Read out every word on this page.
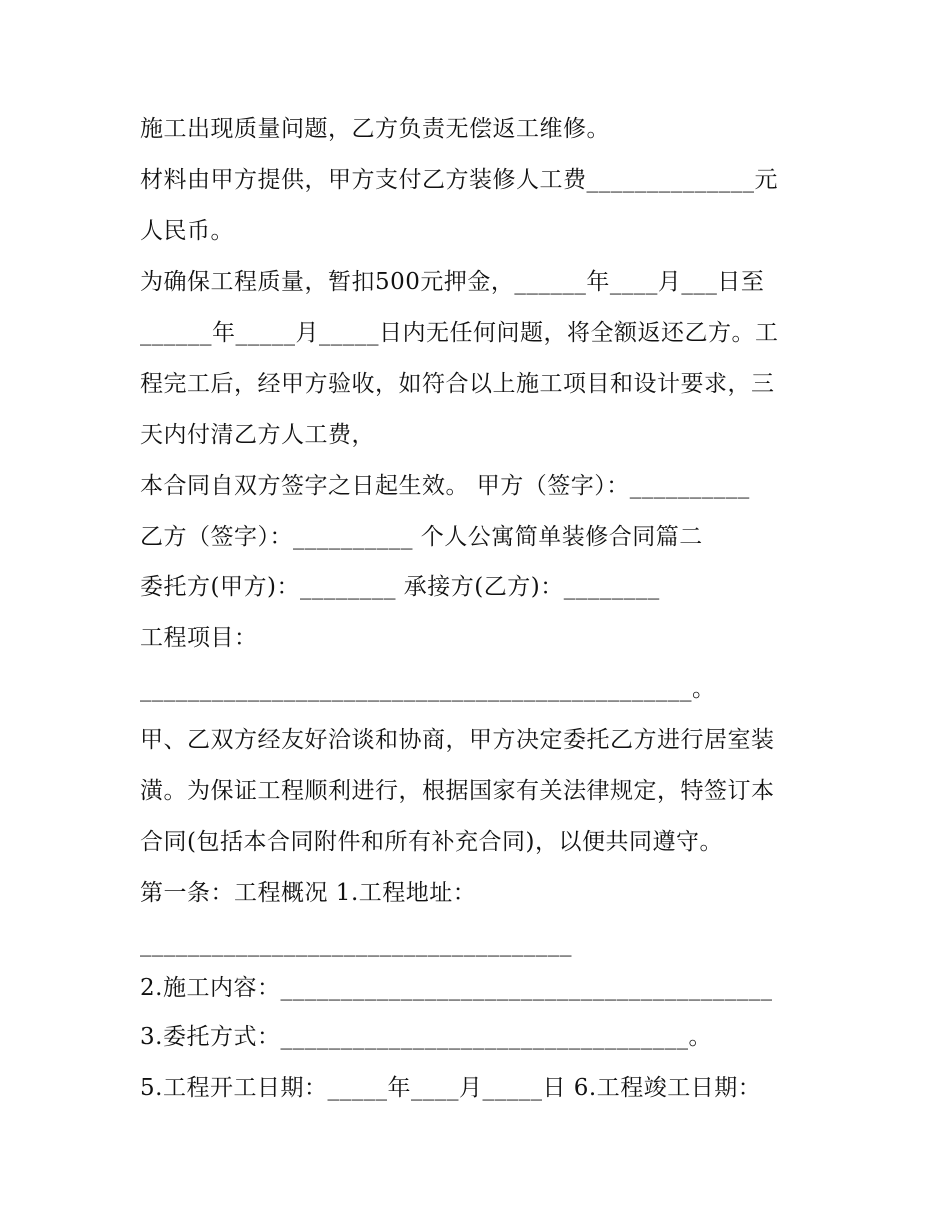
施工出现质量问题，乙方负责无偿返工维修。
材料由甲方提供，甲方支付乙方装修人工费______________元
人民币。
为确保工程质量，暂扣500元押金，______年____月___日至
______年_____月_____日内无任何问题，将全额返还乙方。工
程完工后，经甲方验收，如符合以上施工项目和设计要求，三
天内付清乙方人工费，
本合同自双方签字之日起生效。 甲方（签字）：__________
乙方（签字）：__________ 个人公寓简单装修合同篇二
委托方(甲方)：________ 承接方(乙方)：________
工程项目：
______________________________________________。
甲、乙双方经友好洽谈和协商，甲方决定委托乙方进行居室装
潢。为保证工程顺利进行，根据国家有关法律规定，特签订本
合同(包括本合同附件和所有补充合同)，以便共同遵守。
第一条：工程概况 1.工程地址：
____________________________________
2.施工内容：_________________________________________
3.委托方式：__________________________________。
5.工程开工日期：_____年____月_____日 6.工程竣工日期：
